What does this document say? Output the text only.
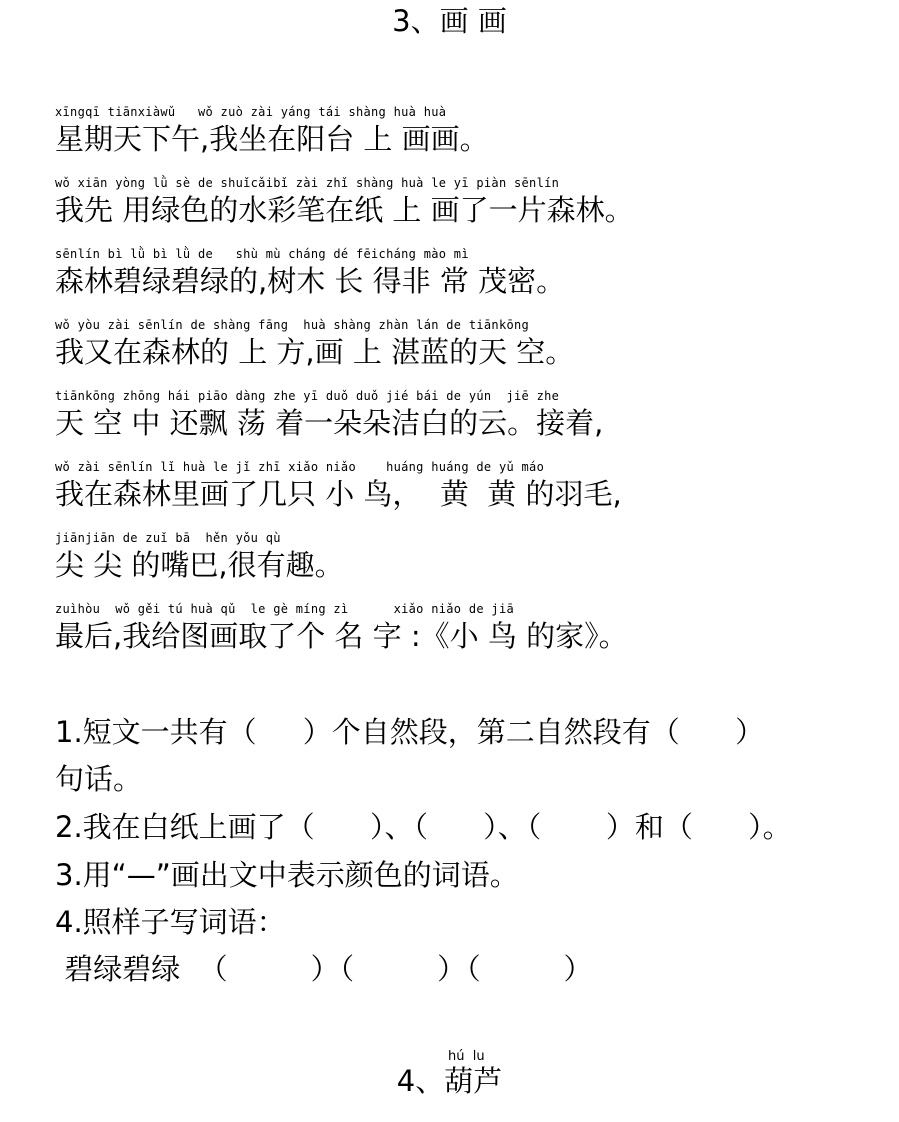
3、画 画
xīngqī tiānxiàwǔ   wǒ zuò zài yáng tái shàng huà huà
星期天下午,我坐在阳台 上 画画。
wǒ xiān yòng lǜ sè de shuǐcǎibǐ zài zhǐ shàng huà le yī piàn sēnlín
我先 用绿色的水彩笔在纸 上 画了一片森林。
sēnlín bì lǜ bì lǜ de   shù mù cháng dé fēicháng mào mì
森林碧绿碧绿的,树木 长 得非 常 茂密。
wǒ yòu zài sēnlín de shàng fāng  huà shàng zhàn lán de tiānkōng
我又在森林的 上 方,画 上 湛蓝的天 空。
tiānkōng zhōng hái piāo dàng zhe yī duǒ duǒ jié bái de yún  jiē zhe
天 空 中 还飘 荡 着一朵朵洁白的云。接着,
wǒ zài sēnlín lǐ huà le jǐ zhī xiǎo niǎo    huáng huáng de yǔ máo
我在森林里画了几只 小 鸟，  黄  黄 的羽毛,
jiānjiān de zuǐ bā  hěn yǒu qù
尖 尖 的嘴巴,很有趣。
zuìhòu  wǒ gěi tú huà qǔ  le gè míng zì      xiǎo niǎo de jiā
最后,我给图画取了个 名 字 :《小 鸟 的家》。
1.短文一共有（     ）个自然段，第二自然段有（      ）
句话。
2.我在白纸上画了（      ）、（      ）、（       ）和（      ）。
3.用“—”画出文中表示颜色的词语。
4.照样子写词语：
碧绿碧绿  （         ）（         ）（         ）
hú  lu
4、葫芦
